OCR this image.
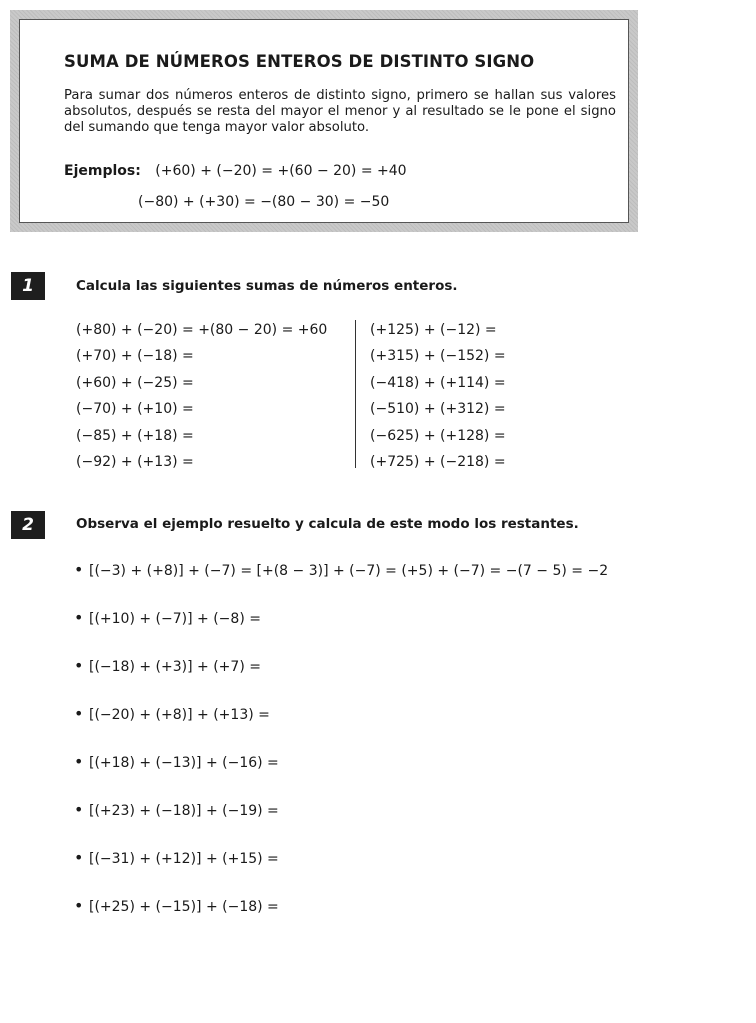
SUMA DE NÚMEROS ENTEROS DE DISTINTO SIGNO
Para sumar dos números enteros de distinto signo, primero se hallan sus valores absolutos, después se resta del mayor el menor y al resultado se le pone el signo del sumando que tenga mayor valor absoluto.
Ejemplos: (+60) + (−20) = +(60 − 20) = +40
(−80) + (+30) = −(80 − 30) = −50
1	Calcula las siguientes sumas de números enteros.
(+80) + (−20) = +(80 − 20) = +60
(+70) + (−18) =
(+60) + (−25) =
(−70) + (+10) =
(−85) + (+18) =
(−92) + (+13) =
(+125) + (−12) =
(+315) + (−152) =
(−418) + (+114) =
(−510) + (+312) =
(−625) + (+128) =
(+725) + (−218) =
2	Observa el ejemplo resuelto y calcula de este modo los restantes.
• [(−3) + (+8)] + (−7) = [+(8 − 3)] + (−7) = (+5) + (−7) = −(7 − 5) = −2
• [(+10) + (−7)] + (−8) =
• [(−18) + (+3)] + (+7) =
• [(−20) + (+8)] + (+13) =
• [(+18) + (−13)] + (−16) =
• [(+23) + (−18)] + (−19) =
• [(−31) + (+12)] + (+15) =
• [(+25) + (−15)] + (−18) =
